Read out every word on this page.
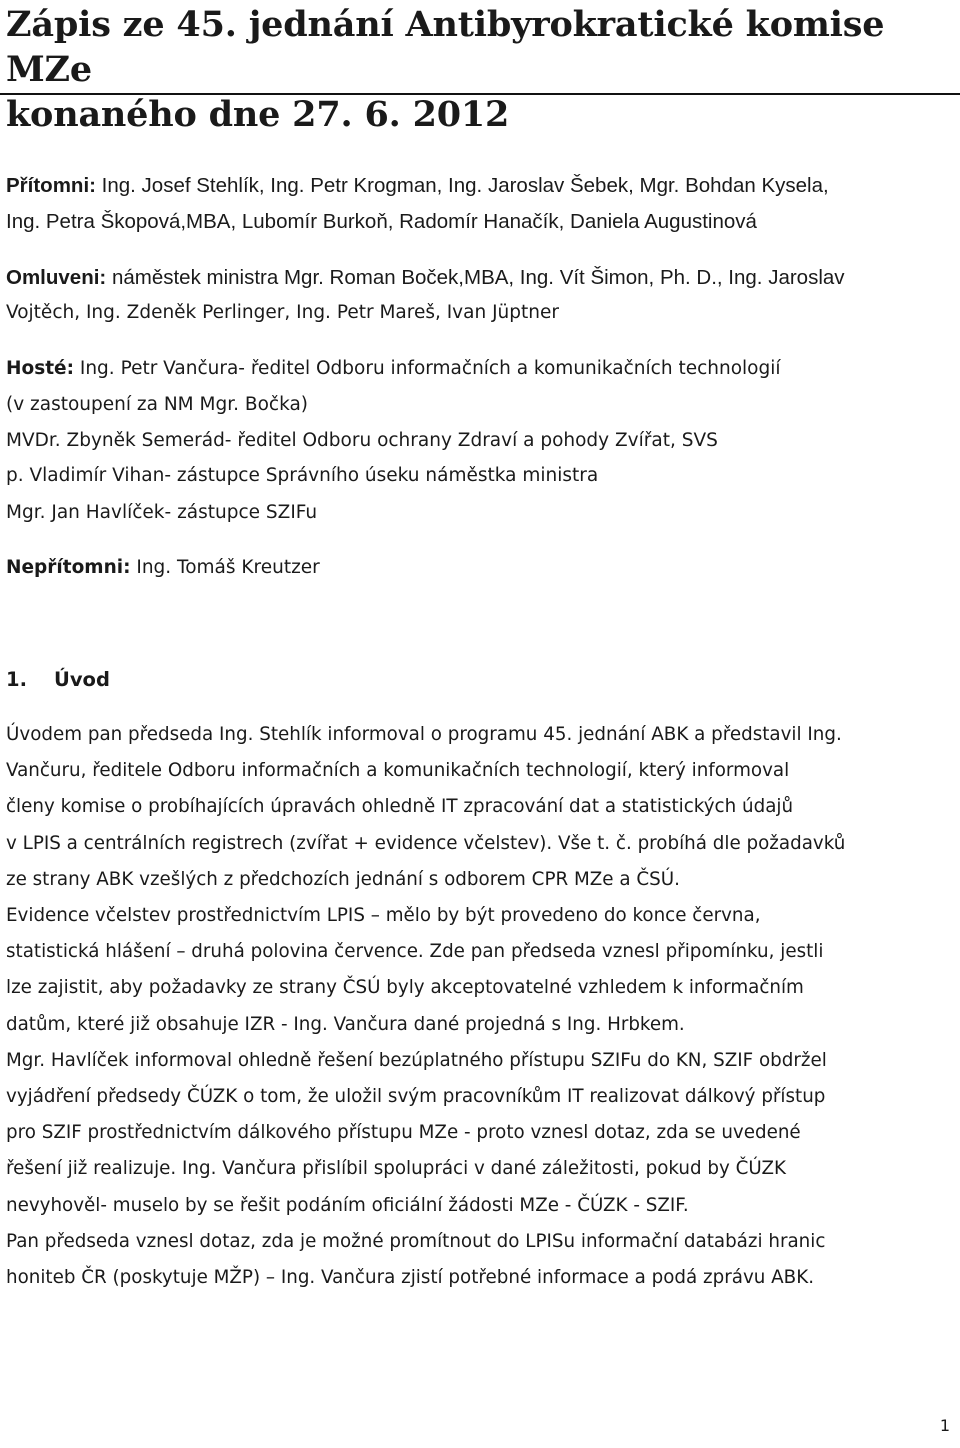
Zápis ze 45. jednání Antibyrokratické komise MZe
konaného dne 27. 6. 2012
Přítomni: Ing. Josef Stehlík, Ing. Petr Krogman, Ing. Jaroslav Šebek, Mgr. Bohdan Kysela,
Ing. Petra Škopová,MBA, Lubomír Burkoň, Radomír Hanačík, Daniela Augustinová
Omluveni: náměstek ministra Mgr. Roman Boček,MBA, Ing. Vít Šimon, Ph. D., Ing. Jaroslav
Vojtěch, Ing. Zdeněk Perlinger, Ing. Petr Mareš, Ivan Jüptner
Hosté: Ing. Petr Vančura- ředitel Odboru informačních a komunikačních technologií
(v zastoupení za NM Mgr. Bočka)
MVDr. Zbyněk Semerád- ředitel Odboru ochrany Zdraví a pohody Zvířat, SVS
p. Vladimír Vihan- zástupce Správního úseku náměstka ministra
Mgr. Jan Havlíček- zástupce SZIFu
Nepřítomni: Ing. Tomáš Kreutzer
1. Úvod

Úvodem pan předseda Ing. Stehlík informoval o programu 45. jednání ABK a představil Ing.
Vančuru, ředitele Odboru informačních a komunikačních technologií, který informoval
členy komise o probíhajících úpravách ohledně IT zpracování dat a statistických údajů
v LPIS a centrálních registrech (zvířat + evidence včelstev). Vše t. č. probíhá dle požadavků
ze strany ABK vzešlých z předchozích jednání s odborem CPR MZe a ČSÚ.
Evidence včelstev prostřednictvím LPIS – mělo by být provedeno do konce června,
statistická hlášení – druhá polovina července. Zde pan předseda vznesl připomínku, jestli
lze zajistit, aby požadavky ze strany ČSÚ byly akceptovatelné vzhledem k informačním
datům, které již obsahuje IZR - Ing. Vančura dané projedná s Ing. Hrbkem.
Mgr. Havlíček informoval ohledně řešení bezúplatného přístupu SZIFu do KN, SZIF obdržel
vyjádření předsedy ČÚZK o tom, že uložil svým pracovníkům IT realizovat dálkový přístup
pro SZIF prostřednictvím dálkového přístupu MZe - proto vznesl dotaz, zda se uvedené
řešení již realizuje. Ing. Vančura přislíbil spolupráci v dané záležitosti, pokud by ČÚZK
nevyhověl- muselo by se řešit podáním oficiální žádosti MZe - ČÚZK - SZIF.
Pan předseda vznesl dotaz, zda je možné promítnout do LPISu informační databázi hranic
honiteb ČR (poskytuje MŽP) – Ing. Vančura zjistí potřebné informace a podá zprávu ABK.

1
